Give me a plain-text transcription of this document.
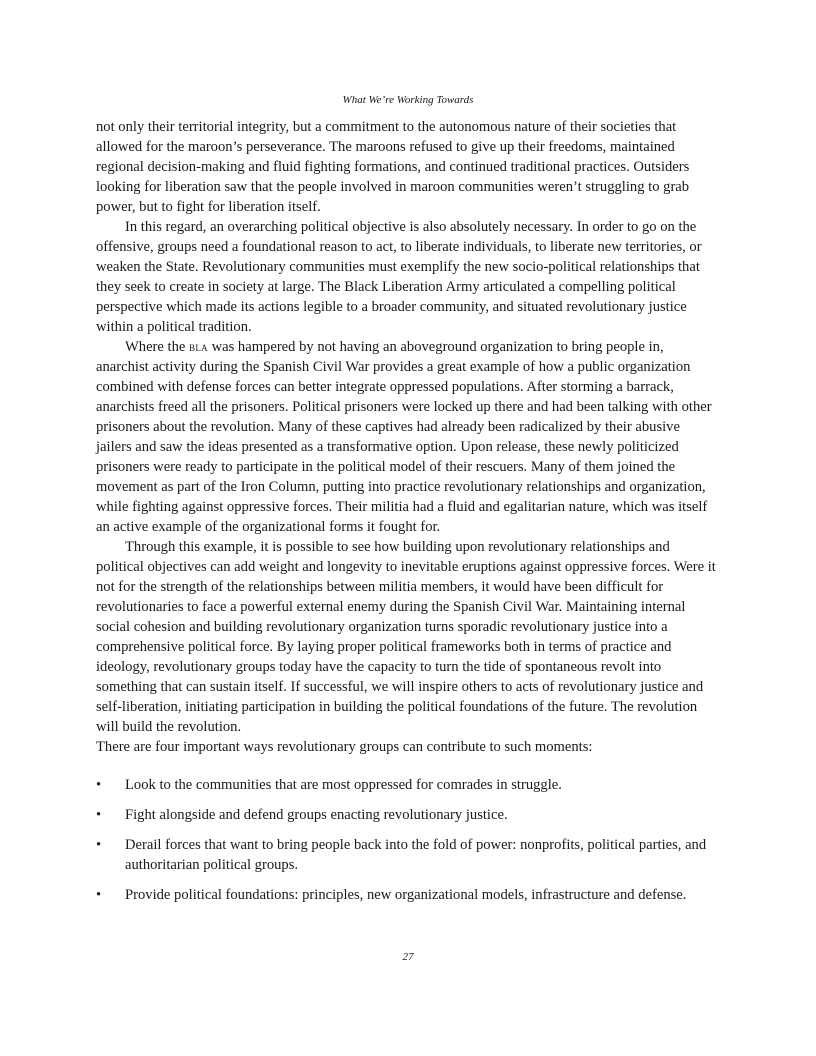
What We’re Working Towards

not only their territorial integrity, but a commitment to the autonomous nature of their societies that allowed for the maroon’s perseverance. The maroons refused to give up their freedoms, maintained regional decision-making and fluid fighting formations, and continued traditional practices. Outsiders looking for liberation saw that the people involved in maroon communities weren’t struggling to grab power, but to fight for liberation itself.

In this regard, an overarching political objective is also absolutely necessary. In order to go on the offensive, groups need a foundational reason to act, to liberate individuals, to liberate new territories, or weaken the State. Revolutionary communities must exemplify the new socio-political relationships that they seek to create in society at large. The Black Liberation Army articulated a compelling political perspective which made its actions legible to a broader community, and situated revolutionary justice within a political tradition.

Where the bla was hampered by not having an aboveground organization to bring people in, anarchist activity during the Spanish Civil War provides a great example of how a public organization combined with defense forces can better integrate oppressed populations. After storming a barrack, anarchists freed all the prisoners. Political prisoners were locked up there and had been talking with other prisoners about the revolution. Many of these captives had already been radicalized by their abusive jailers and saw the ideas presented as a transformative option. Upon release, these newly politicized prisoners were ready to participate in the political model of their rescuers. Many of them joined the movement as part of the Iron Column, putting into practice revolutionary relationships and organization, while fighting against oppressive forces. Their militia had a fluid and egalitarian nature, which was itself an active example of the organizational forms it fought for.

Through this example, it is possible to see how building upon revolutionary relationships and political objectives can add weight and longevity to inevitable eruptions against oppressive forces. Were it not for the strength of the relationships between militia members, it would have been difficult for revolutionaries to face a powerful external enemy during the Spanish Civil War. Maintaining internal social cohesion and building revolutionary organization turns sporadic revolutionary justice into a comprehensive political force. By laying proper political frameworks both in terms of practice and ideology, revolutionary groups today have the capacity to turn the tide of spontaneous revolt into something that can sustain itself. If successful, we will inspire others to acts of revolutionary justice and self-liberation, initiating participation in building the political foundations of the future. The revolution will build the revolution.

There are four important ways revolutionary groups can contribute to such moments:

•	Look to the communities that are most oppressed for comrades in struggle.
•	Fight alongside and defend groups enacting revolutionary justice.
•	Derail forces that want to bring people back into the fold of power: nonprofits, political parties, and authoritarian political groups.
•	Provide political foundations: principles, new organizational models, infrastructure and defense.
27
